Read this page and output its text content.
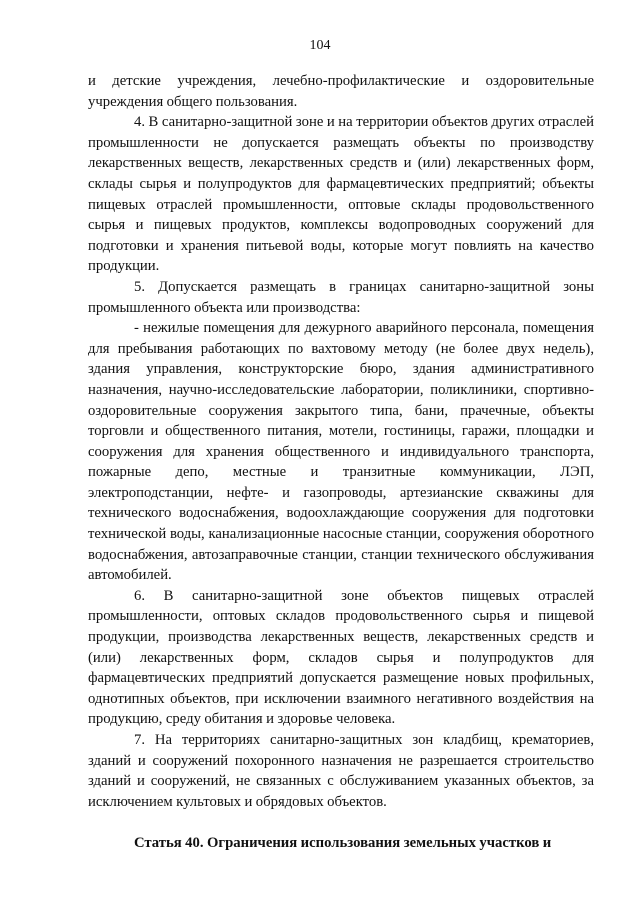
104

и детские учреждения, лечебно-профилактические и оздоровительные учреждения общего пользования.

4. В санитарно-защитной зоне и на территории объектов других отраслей промышленности не допускается размещать объекты по производству лекарственных веществ, лекарственных средств и (или) лекарственных форм, склады сырья и полупродуктов для фармацевтических предприятий; объекты пищевых отраслей промышленности, оптовые склады продовольственного сырья и пищевых продуктов, комплексы водопроводных сооружений для подготовки и хранения питьевой воды, которые могут повлиять на качество продукции.

5. Допускается размещать в границах санитарно-защитной зоны промышленного объекта или производства:

- нежилые помещения для дежурного аварийного персонала, помещения для пребывания работающих по вахтовому методу (не более двух недель), здания управления, конструкторские бюро, здания административного назначения, научно-исследовательские лаборатории, поликлиники, спортивно-оздоровительные сооружения закрытого типа, бани, прачечные, объекты торговли и общественного питания, мотели, гостиницы, гаражи, площадки и сооружения для хранения общественного и индивидуального транспорта, пожарные депо, местные и транзитные коммуникации, ЛЭП, электроподстанции, нефте- и газопроводы, артезианские скважины для технического водоснабжения, водоохлаждающие сооружения для подготовки технической воды, канализационные насосные станции, сооружения оборотного водоснабжения, автозаправочные станции, станции технического обслуживания автомобилей.

6. В санитарно-защитной зоне объектов пищевых отраслей промышленности, оптовых складов продовольственного сырья и пищевой продукции, производства лекарственных веществ, лекарственных средств и (или) лекарственных форм, складов сырья и полупродуктов для фармацевтических предприятий допускается размещение новых профильных, однотипных объектов, при исключении взаимного негативного воздействия на продукцию, среду обитания и здоровье человека.

7. На территориях санитарно-защитных зон кладбищ, крематориев, зданий и сооружений похоронного назначения не разрешается строительство зданий и сооружений, не связанных с обслуживанием указанных объектов, за исключением культовых и обрядовых объектов.

Статья 40. Ограничения использования земельных участков и
